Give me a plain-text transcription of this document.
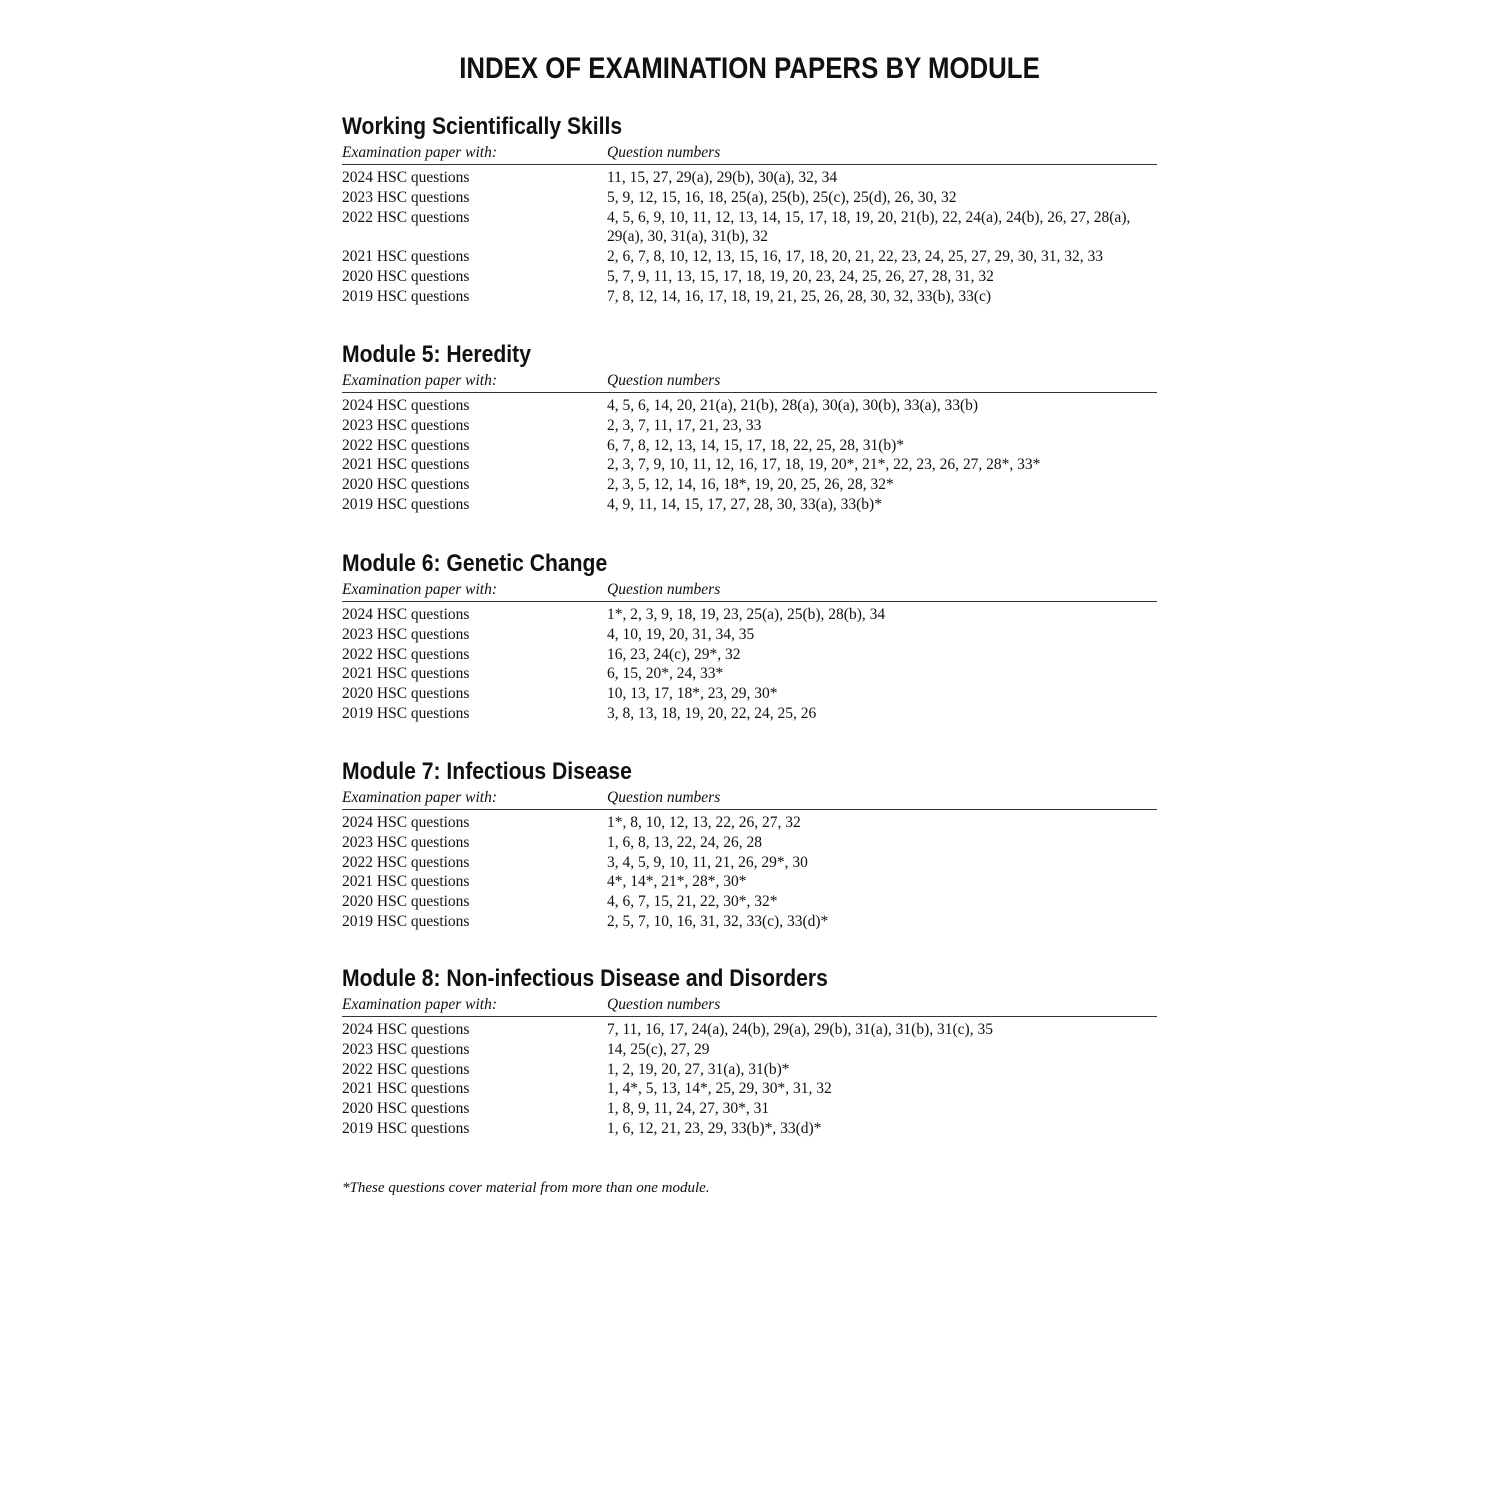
INDEX OF EXAMINATION PAPERS BY MODULE
Working Scientifically Skills
Examination paper with:	Question numbers
2024 HSC questions	11, 15, 27, 29(a), 29(b), 30(a), 32, 34
2023 HSC questions	5, 9, 12, 15, 16, 18, 25(a), 25(b), 25(c), 25(d), 26, 30, 32
2022 HSC questions	4, 5, 6, 9, 10, 11, 12, 13, 14, 15, 17, 18, 19, 20, 21(b), 22, 24(a), 24(b), 26, 27, 28(a), 29(a), 30, 31(a), 31(b), 32
2021 HSC questions	2, 6, 7, 8, 10, 12, 13, 15, 16, 17, 18, 20, 21, 22, 23, 24, 25, 27, 29, 30, 31, 32, 33
2020 HSC questions	5, 7, 9, 11, 13, 15, 17, 18, 19, 20, 23, 24, 25, 26, 27, 28, 31, 32
2019 HSC questions	7, 8, 12, 14, 16, 17, 18, 19, 21, 25, 26, 28, 30, 32, 33(b), 33(c)
Module 5: Heredity
Examination paper with:	Question numbers
2024 HSC questions	4, 5, 6, 14, 20, 21(a), 21(b), 28(a), 30(a), 30(b), 33(a), 33(b)
2023 HSC questions	2, 3, 7, 11, 17, 21, 23, 33
2022 HSC questions	6, 7, 8, 12, 13, 14, 15, 17, 18, 22, 25, 28, 31(b)*
2021 HSC questions	2, 3, 7, 9, 10, 11, 12, 16, 17, 18, 19, 20*, 21*, 22, 23, 26, 27, 28*, 33*
2020 HSC questions	2, 3, 5, 12, 14, 16, 18*, 19, 20, 25, 26, 28, 32*
2019 HSC questions	4, 9, 11, 14, 15, 17, 27, 28, 30, 33(a), 33(b)*
Module 6: Genetic Change
Examination paper with:	Question numbers
2024 HSC questions	1*, 2, 3, 9, 18, 19, 23, 25(a), 25(b), 28(b), 34
2023 HSC questions	4, 10, 19, 20, 31, 34, 35
2022 HSC questions	16, 23, 24(c), 29*, 32
2021 HSC questions	6, 15, 20*, 24, 33*
2020 HSC questions	10, 13, 17, 18*, 23, 29, 30*
2019 HSC questions	3, 8, 13, 18, 19, 20, 22, 24, 25, 26
Module 7: Infectious Disease
Examination paper with:	Question numbers
2024 HSC questions	1*, 8, 10, 12, 13, 22, 26, 27, 32
2023 HSC questions	1, 6, 8, 13, 22, 24, 26, 28
2022 HSC questions	3, 4, 5, 9, 10, 11, 21, 26, 29*, 30
2021 HSC questions	4*, 14*, 21*, 28*, 30*
2020 HSC questions	4, 6, 7, 15, 21, 22, 30*, 32*
2019 HSC questions	2, 5, 7, 10, 16, 31, 32, 33(c), 33(d)*
Module 8: Non-infectious Disease and Disorders
Examination paper with:	Question numbers
2024 HSC questions	7, 11, 16, 17, 24(a), 24(b), 29(a), 29(b), 31(a), 31(b), 31(c), 35
2023 HSC questions	14, 25(c), 27, 29
2022 HSC questions	1, 2, 19, 20, 27, 31(a), 31(b)*
2021 HSC questions	1, 4*, 5, 13, 14*, 25, 29, 30*, 31, 32
2020 HSC questions	1, 8, 9, 11, 24, 27, 30*, 31
2019 HSC questions	1, 6, 12, 21, 23, 29, 33(b)*, 33(d)*
*These questions cover material from more than one module.
